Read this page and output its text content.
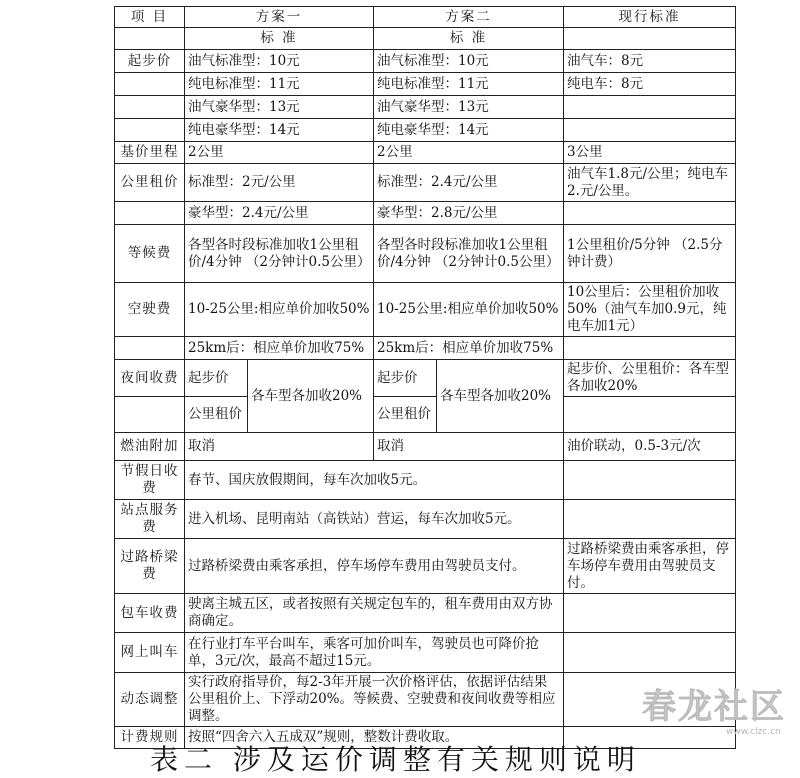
项 目	方案一		方案二		现行标准
	标 准		标 准		
起步价	油气标准型：10元		油气标准型：10元		油气车：8元
	纯电标准型：11元		纯电标准型：11元		纯电车：8元
	油气豪华型：13元		油气豪华型：13元		
	纯电豪华型：14元		纯电豪华型：14元		
基价里程	2公里		2公里		3公里
公里租价	标准型：2元/公里		标准型：2.4元/公里		油气车1.8元/公里；纯电车2.元/公里。
	豪华型：2.4元/公里		豪华型：2.8元/公里		
等候费	各型各时段标准加收1公里租价/4分钟 （2分钟计0.5公里）		各型各时段标准加收1公里租价/4分钟 （2分钟计0.5公里）		1公里租价/5分钟 （2.5分钟计费）
空驶费	10-25公里:相应单价加收50%		10-25公里:相应单价加收50%		10公里后：公里租价加收50%（油气车加0.9元，纯电车加1元）
	25km后：相应单价加收75%		25km后：相应单价加收75%		
夜间收费	起步价	各车型各加收20%	起步价	各车型各加收20%	起步价、公里租价：各车型各加收20%
	公里租价		公里租价		
燃油附加	取消		取消		油价联动，0.5-3元/次
节假日收费	春节、国庆放假期间，每车次加收5元。				
站点服务费	进入机场、昆明南站（高铁站）营运，每车次加收5元。				
过路桥梁费	过路桥梁费由乘客承担，停车场停车费用由驾驶员支付。				过路桥梁费由乘客承担，停车场停车费用由驾驶员支付。
包车收费	驶离主城五区，或者按照有关规定包车的，租车费用由双方协商确定。				
网上叫车	在行业打车平台叫车，乘客可加价叫车，驾驶员也可降价抢单，3元/次，最高不超过15元。				
动态调整	实行政府指导价，每2-3年开展一次价格评估，依据评估结果公里租价上、下浮动20%。等候费、空驶费和夜间收费等相应调整。				
计费规则	按照“四舍六入五成双”规则，整数计费收取。				
表二 涉及运价调整有关规则说明
春龙社区
www.clzc.cn
